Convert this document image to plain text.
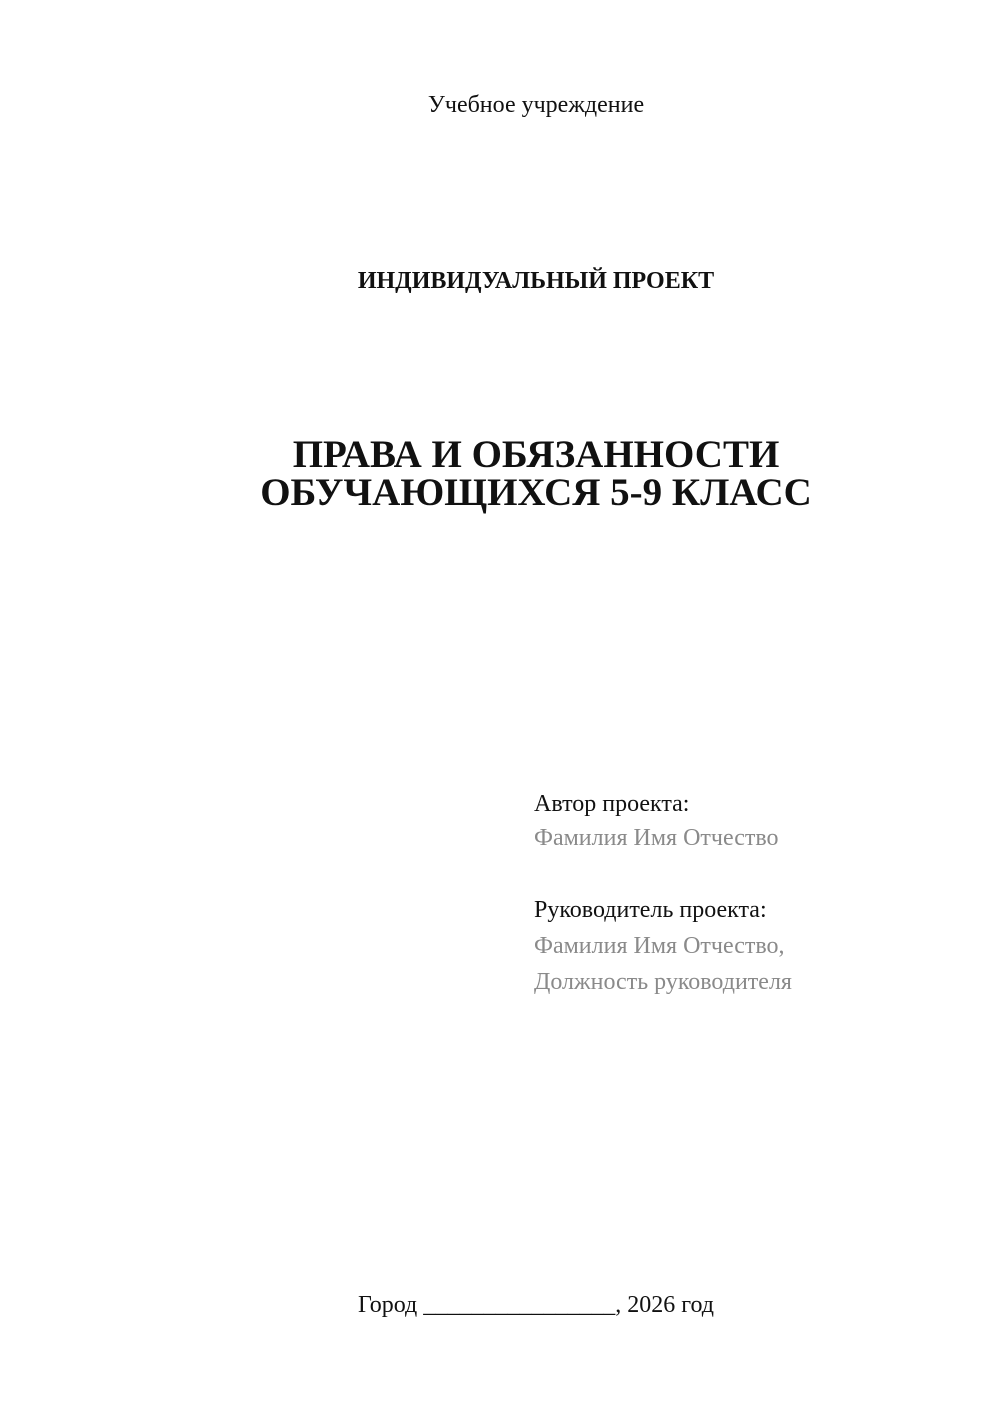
Учебное учреждение
ИНДИВИДУАЛЬНЫЙ ПРОЕКТ
ПРАВА И ОБЯЗАННОСТИ
ОБУЧАЮЩИХСЯ 5-9 КЛАСС
Автор проекта:
Фамилия Имя Отчество
Руководитель проекта:
Фамилия Имя Отчество,
Должность руководителя
Город ________________, 2026 год
